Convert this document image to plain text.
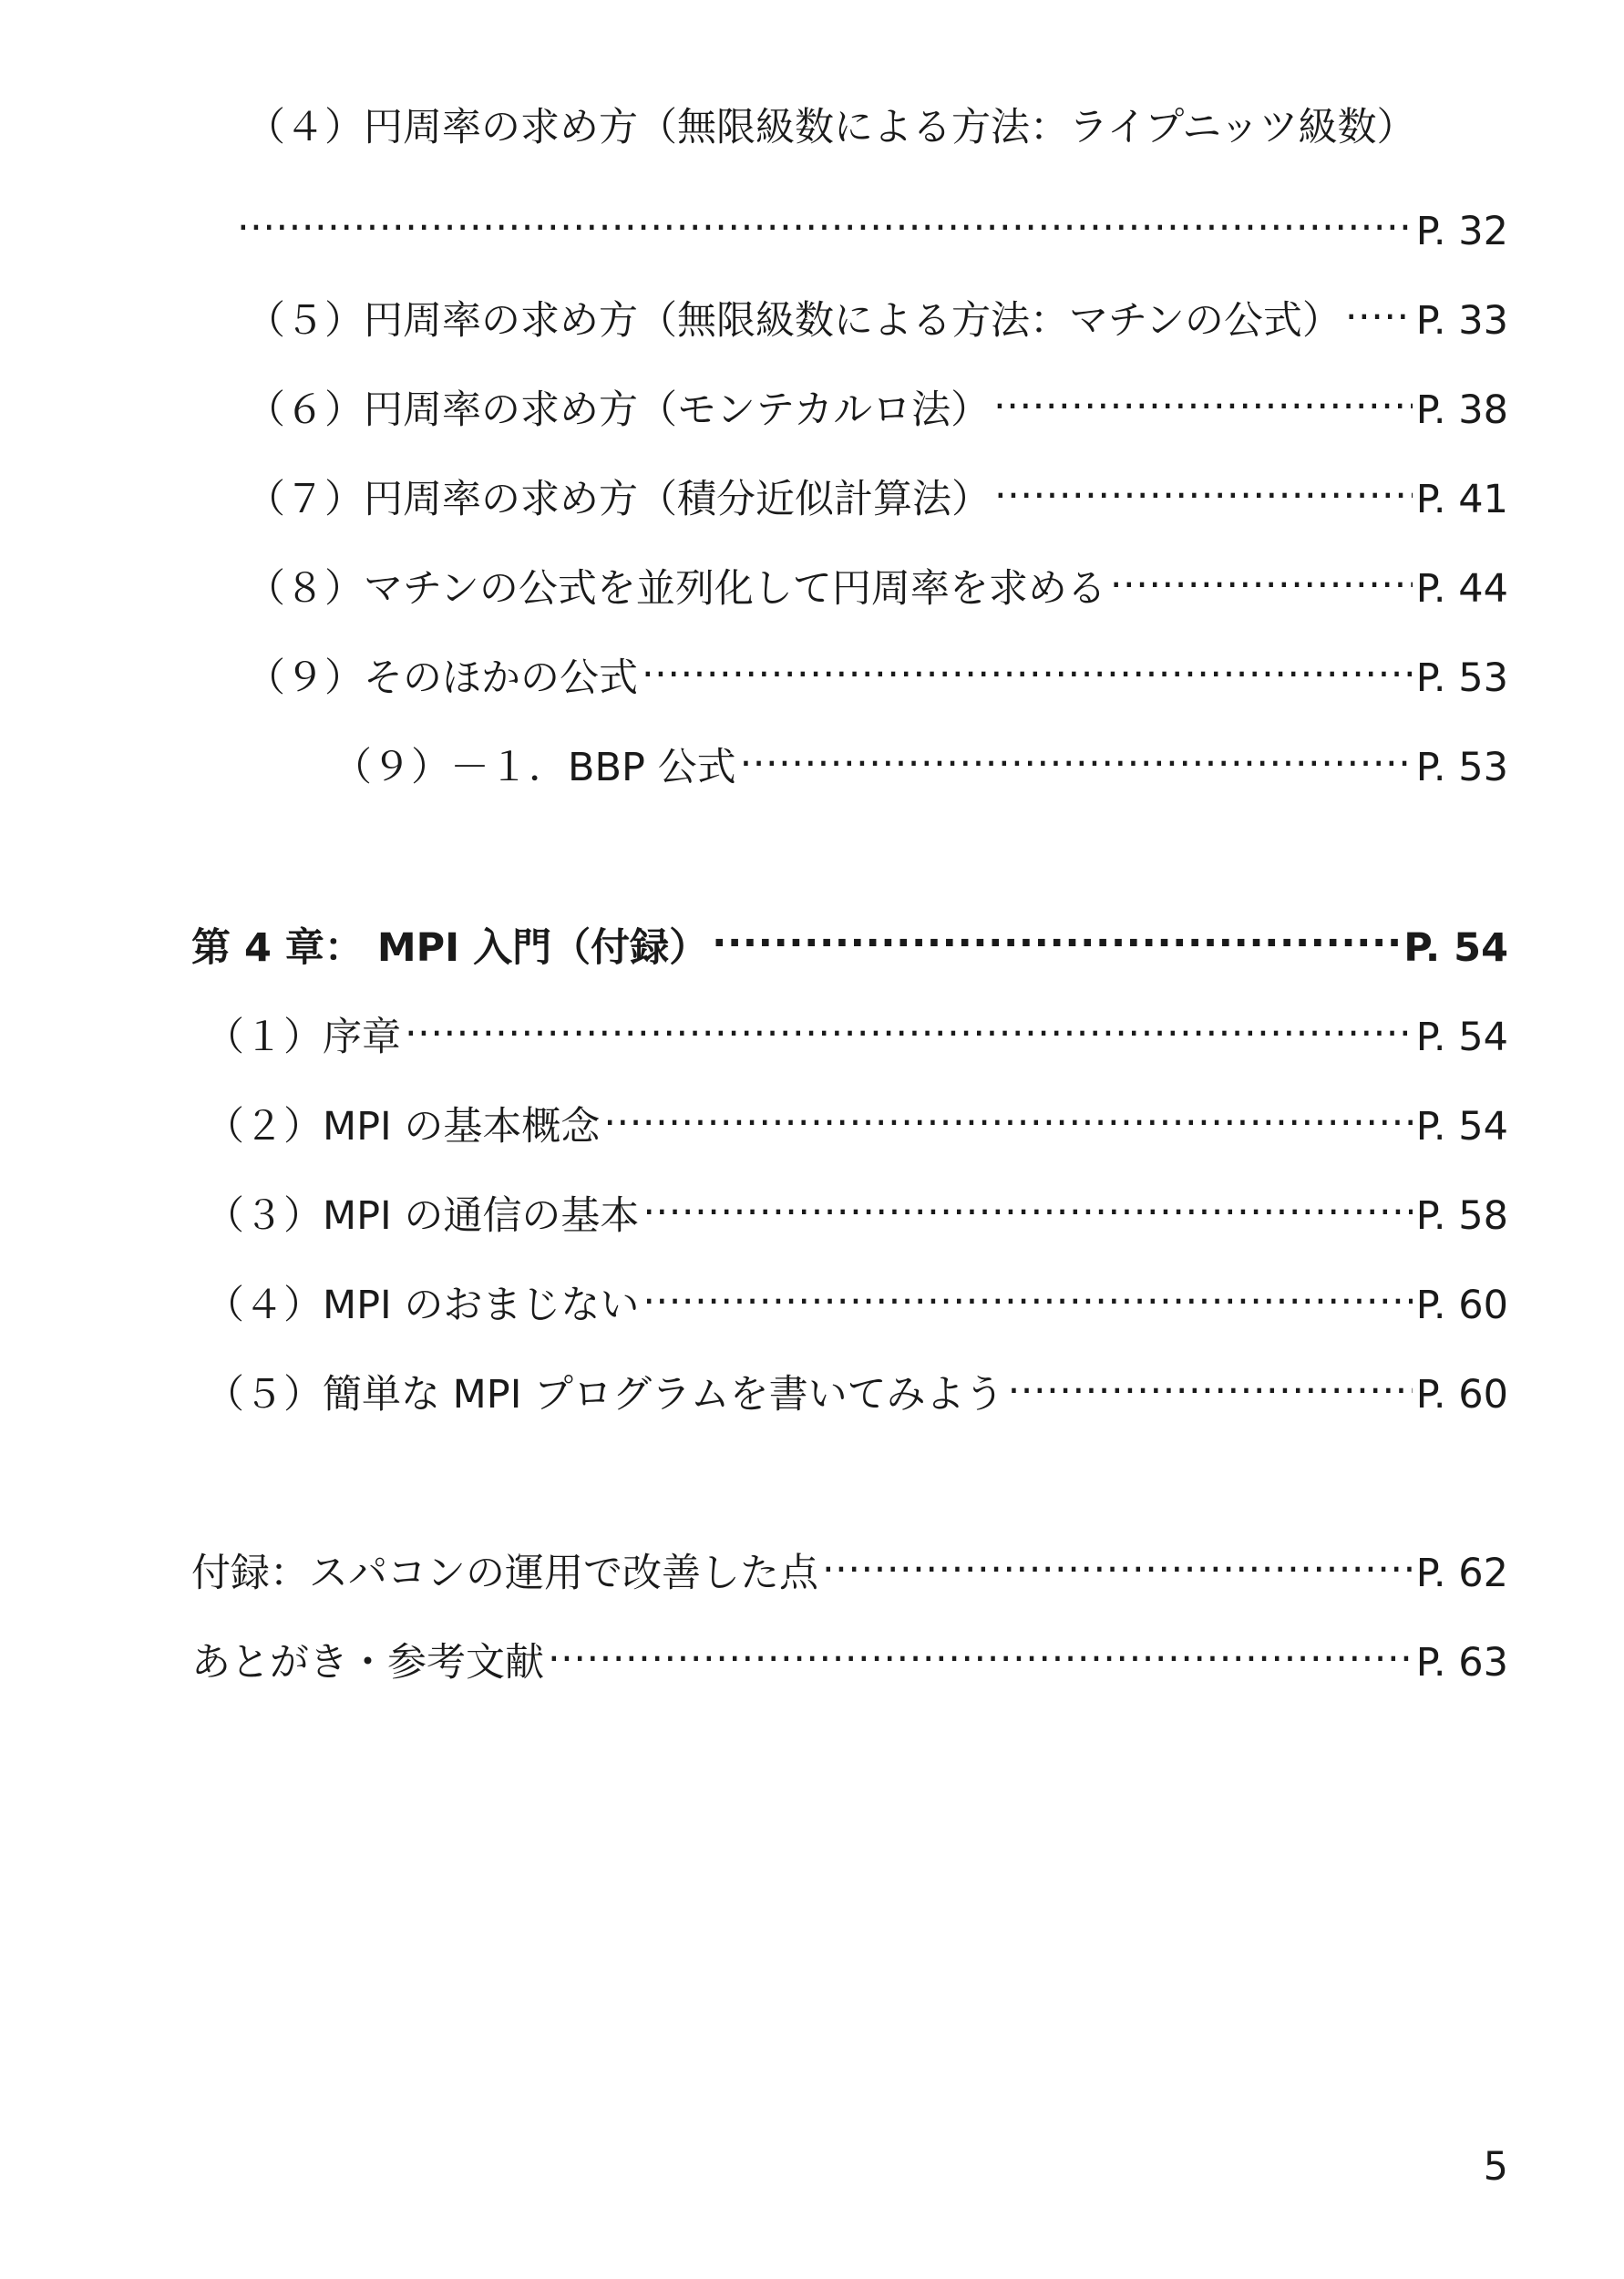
（４）円周率の求め方（無限級数による方法：ライプニッツ級数）
.....
P. 32
（５）円周率の求め方（無限級数による方法：マチンの公式） ..... P. 33
（６）円周率の求め方（モンテカルロ法） .....	P. 38
（７）円周率の求め方（積分近似計算法） .....	P. 41
（８）マチンの公式を並列化して円周率を求める .....	P. 44
（９）そのほかの公式 .....	P. 53
（９）－１．BBP 公式 .....	P. 53
第 4 章： MPI 入門（付録） .....	P. 54
（１）序章 .....	P. 54
（２）MPI の基本概念 .....	P. 54
（３）MPI の通信の基本 .....	P. 58
（４）MPI のおまじない .....	P. 60
（５）簡単な MPI プログラムを書いてみよう .....	P. 60
付録：スパコンの運用で改善した点 .....	P. 62
あとがき・参考文献 .....	P. 63
5
